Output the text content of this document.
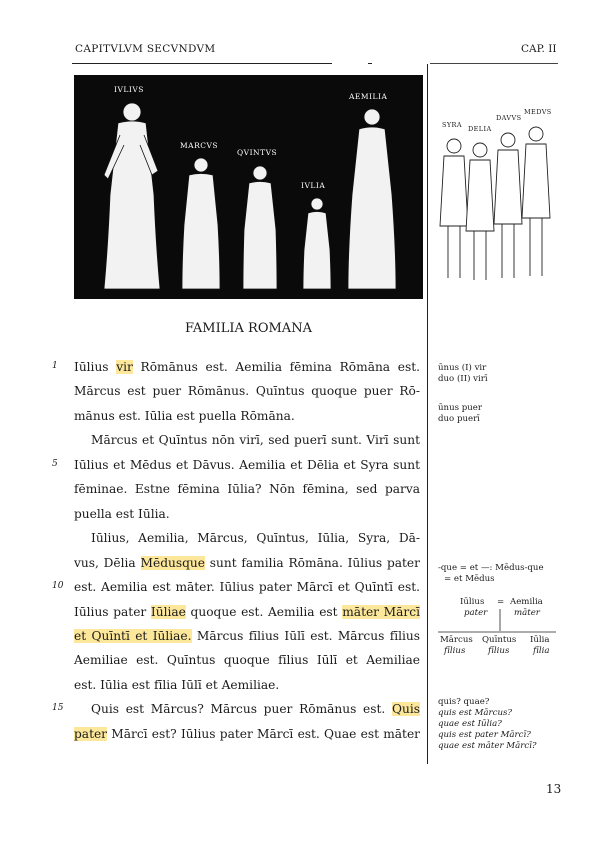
CAPITVLVM SECVNDVM	CAP. II
IVLIVS
MARCVS
QVINTVS
IVLIA
AEMILIA
SYRA DELIA
DAVVS
MEDVS
FAMILIA ROMANA
1 Iūlius vir Rōmānus est. Aemilia fēmina Rōmāna est.
Mārcus est puer Rōmānus. Quīntus quoque puer Rō-
mānus est. Iūlia est puella Rōmāna.
Mārcus et Quīntus nōn virī, sed puerī sunt. Virī sunt
5 Iūlius et Mēdus et Dāvus. Aemilia et Dēlia et Syra sunt
fēminae. Estne fēmina Iūlia? Nōn fēmina, sed parva
puella est Iūlia.
Iūlius, Aemilia, Mārcus, Quīntus, Iūlia, Syra, Dā-
vus, Dēlia Mēdusque sunt familia Rōmāna. Iūlius pater
10 est. Aemilia est māter. Iūlius pater Mārcī et Quīntī est.
Iūlius pater Iūliae quoque est. Aemilia est māter Mārcī
et Quīntī et Iūliae. Mārcus fīlius Iūlī est. Mārcus fīlius
Aemiliae est. Quīntus quoque fīlius Iūlī et Aemiliae
est. Iūlia est fīlia Iūlī et Aemiliae.
15 Quis est Mārcus? Mārcus puer Rōmānus est. Quis
pater Mārcī est? Iūlius pater Mārcī est. Quae est māter
ūnus (I) vir
duo (II) virī
ūnus puer
duo puerī
-que = et —: Mēdus-que
= et Mēdus
Iūlius = Aemilia
pater	māter
Mārcus Quīntus Iūlia
fīlius	fīlius	fīlia
quis? quae?
quis est Mārcus?
quae est Iūlia?
quis est pater Mārcī?
quae est māter Mārcī?
13
